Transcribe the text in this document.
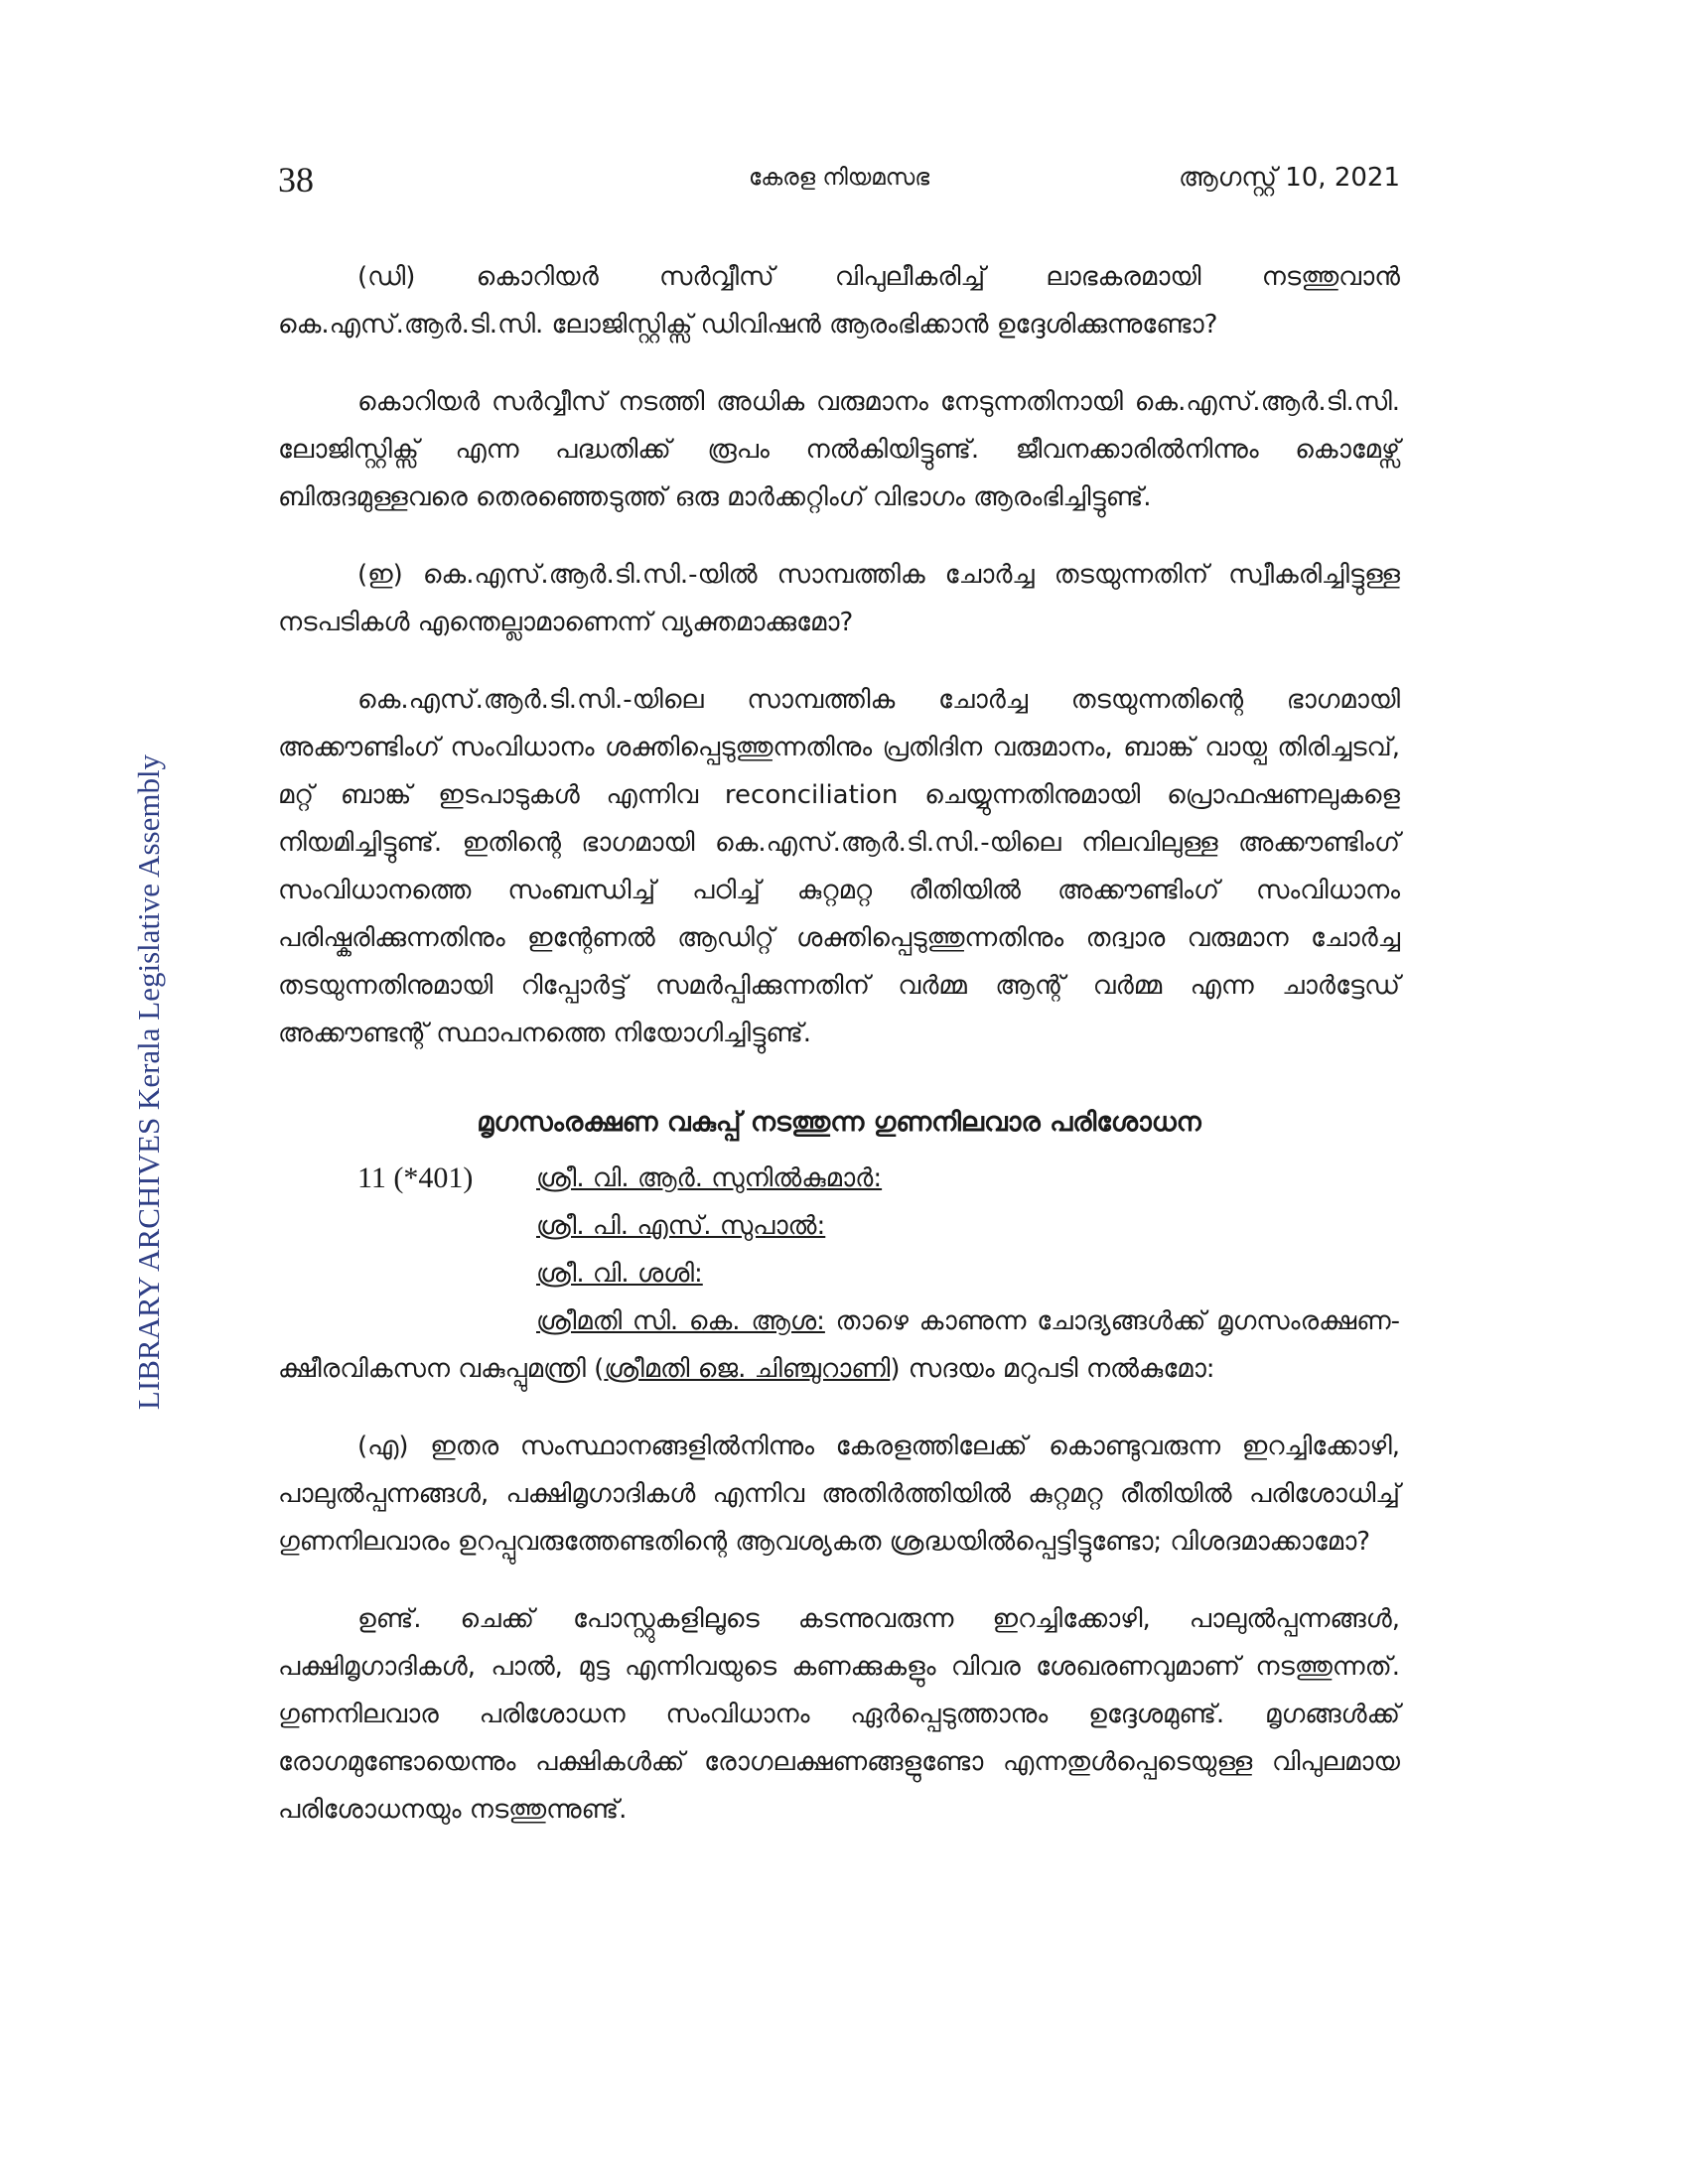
38	കേരള നിയമസഭ	ആഗസ്റ്റ് 10, 2021
LIBRARY ARCHIVES Kerala Legislative Assembly

(ഡി) കൊറിയർ സർവ്വീസ് വിപുലീകരിച്ച് ലാഭകരമായി നടത്തുവാൻ കെ.എസ്.ആർ.ടി.സി. ലോജിസ്റ്റിക്സ് ഡിവിഷൻ ആരംഭിക്കാൻ ഉദ്ദേശിക്കുന്നുണ്ടോ?

കൊറിയർ സർവ്വീസ് നടത്തി അധിക വരുമാനം നേടുന്നതിനായി കെ.എസ്.ആർ.ടി.സി. ലോജിസ്റ്റിക്സ് എന്ന പദ്ധതിക്ക് രൂപം നൽകിയിട്ടുണ്ട്. ജീവനക്കാരിൽനിന്നും കൊമേഴ്സ് ബിരുദമുള്ളവരെ തെരഞ്ഞെടുത്ത് ഒരു മാർക്കറ്റിംഗ് വിഭാഗം ആരംഭിച്ചിട്ടുണ്ട്.

(ഇ) കെ.എസ്.ആർ.ടി.സി.-യിൽ സാമ്പത്തിക ചോർച്ച തടയുന്നതിന് സ്വീകരിച്ചിട്ടുള്ള നടപടികൾ എന്തെല്ലാമാണെന്ന് വ്യക്തമാക്കുമോ?

കെ.എസ്.ആർ.ടി.സി.-യിലെ സാമ്പത്തിക ചോർച്ച തടയുന്നതിന്റെ ഭാഗമായി അക്കൗണ്ടിംഗ് സംവിധാനം ശക്തിപ്പെടുത്തുന്നതിനും പ്രതിദിന വരുമാനം, ബാങ്ക് വായ്പ തിരിച്ചടവ്, മറ്റ് ബാങ്ക് ഇടപാടുകൾ എന്നിവ reconciliation ചെയ്യുന്നതിനുമായി പ്രൊഫഷണലുകളെ നിയമിച്ചിട്ടുണ്ട്. ഇതിന്റെ ഭാഗമായി കെ.എസ്.ആർ.ടി.സി.-യിലെ നിലവിലുള്ള അക്കൗണ്ടിംഗ് സംവിധാനത്തെ സംബന്ധിച്ച് പഠിച്ച് കുറ്റമറ്റ രീതിയിൽ അക്കൗണ്ടിംഗ് സംവിധാനം പരിഷ്കരിക്കുന്നതിനും ഇന്റേണൽ ആഡിറ്റ് ശക്തിപ്പെടുത്തുന്നതിനും തദ്വാര വരുമാന ചോർച്ച തടയുന്നതിനുമായി റിപ്പോർട്ട് സമർപ്പിക്കുന്നതിന് വർമ്മ ആന്റ് വർമ്മ എന്ന ചാർട്ടേഡ് അക്കൗണ്ടന്റ് സ്ഥാപനത്തെ നിയോഗിച്ചിട്ടുണ്ട്.

മൃഗസംരക്ഷണ വകുപ്പ് നടത്തുന്ന ഗുണനിലവാര പരിശോധന
11 (*401) ശ്രീ. വി. ആർ. സുനിൽകുമാർ:
ശ്രീ. പി. എസ്. സുപാൽ:
ശ്രീ. വി. ശശി:

ശ്രീമതി സി. കെ. ആശ: താഴെ കാണുന്ന ചോദ്യങ്ങൾക്ക് മൃഗസംരക്ഷണ-ക്ഷീരവികസന വകുപ്പുമന്ത്രി (ശ്രീമതി ജെ. ചിഞ്ചുറാണി) സദയം മറുപടി നൽകുമോ:

(എ) ഇതര സംസ്ഥാനങ്ങളിൽനിന്നും കേരളത്തിലേക്ക് കൊണ്ടുവരുന്ന ഇറച്ചിക്കോഴി, പാലുൽപ്പന്നങ്ങൾ, പക്ഷിമൃഗാദികൾ എന്നിവ അതിർത്തിയിൽ കുറ്റമറ്റ രീതിയിൽ പരിശോധിച്ച് ഗുണനിലവാരം ഉറപ്പുവരുത്തേണ്ടതിന്റെ ആവശ്യകത ശ്രദ്ധയിൽപ്പെട്ടിട്ടുണ്ടോ; വിശദമാക്കാമോ?

ഉണ്ട്. ചെക്ക് പോസ്റ്റുകളിലൂടെ കടന്നുവരുന്ന ഇറച്ചിക്കോഴി, പാലുൽപ്പന്നങ്ങൾ, പക്ഷിമൃഗാദികൾ, പാൽ, മുട്ട എന്നിവയുടെ കണക്കുകളും വിവര ശേഖരണവുമാണ് നടത്തുന്നത്. ഗുണനിലവാര പരിശോധന സംവിധാനം ഏർപ്പെടുത്താനും ഉദ്ദേശമുണ്ട്. മൃഗങ്ങൾക്ക് രോഗമുണ്ടോയെന്നും പക്ഷികൾക്ക് രോഗലക്ഷണങ്ങളുണ്ടോ എന്നതുൾപ്പെടെയുള്ള വിപുലമായ പരിശോധനയും നടത്തുന്നുണ്ട്.
